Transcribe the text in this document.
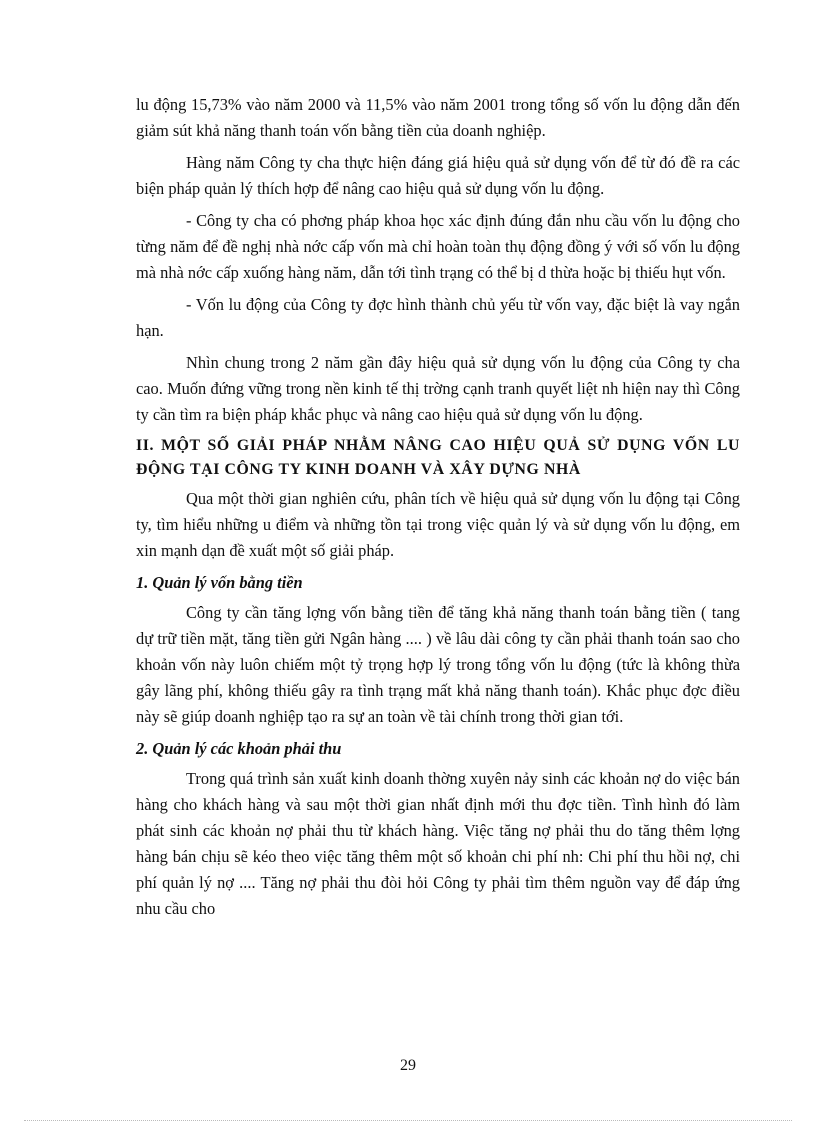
lu động 15,73% vào năm 2000 và 11,5% vào năm 2001 trong tổng số vốn lu động dẫn đến giảm sút khả năng thanh toán vốn bằng tiền của doanh nghiệp.

Hàng năm Công ty cha thực hiện đáng giá hiệu quả sử dụng vốn để từ đó đề ra các biện pháp quản lý thích hợp để nâng cao hiệu quả sử dụng vốn lu động.

- Công ty cha có phơng pháp khoa học xác định đúng đắn nhu cầu vốn lu động cho từng năm để đề nghị nhà nớc cấp vốn mà chỉ hoàn toàn thụ động đồng ý với số vốn lu động mà nhà nớc cấp xuống hàng năm, dẫn tới tình trạng có thể bị d thừa hoặc bị thiếu hụt vốn.

- Vốn lu động của Công ty đợc hình thành chủ yếu từ vốn vay, đặc biệt là vay ngắn hạn.

Nhìn chung trong 2 năm gần đây hiệu quả sử dụng vốn lu động của Công ty cha cao. Muốn đứng vững trong nền kinh tế thị trờng cạnh tranh quyết liệt nh hiện nay thì Công ty cần tìm ra biện pháp khắc phục và nâng cao hiệu quả sử dụng vốn lu động.

II. MỘT SỐ GIẢI PHÁP NHẰM NÂNG CAO HIỆU QUẢ SỬ DỤNG VỐN LU ĐỘNG TẠI CÔNG TY KINH DOANH VÀ XÂY DỰNG NHÀ

Qua một thời gian nghiên cứu, phân tích về hiệu quả sử dụng vốn lu động tại Công ty, tìm hiểu những u điểm và những tồn tại trong việc quản lý và sử dụng vốn lu động, em xin mạnh dạn đề xuất một số giải pháp.

1. Quản lý vốn bằng tiền

Công ty cần tăng lợng vốn bằng tiền để tăng khả năng thanh toán bằng tiền ( tang dự trữ tiền mặt, tăng tiền gửi Ngân hàng .... ) về lâu dài công ty cần phải thanh toán sao cho khoản vốn này luôn chiếm một tỷ trọng hợp lý trong tổng vốn lu động (tức là không thừa gây lãng phí, không thiếu gây ra tình trạng mất khả năng thanh toán). Khắc phục đợc điều này sẽ giúp doanh nghiệp tạo ra sự an toàn về tài chính trong thời gian tới.

2. Quản lý các khoản phải thu

Trong quá trình sản xuất kinh doanh thờng xuyên nảy sinh các khoản nợ do việc bán hàng cho khách hàng và sau một thời gian nhất định mới thu đợc tiền. Tình hình đó làm phát sinh các khoản nợ phải thu từ khách hàng. Việc tăng nợ phải thu do tăng thêm lợng hàng bán chịu sẽ kéo theo việc tăng thêm một số khoản chi phí nh: Chi phí thu hồi nợ, chi phí quản lý nợ .... Tăng nợ phải thu đòi hỏi Công ty phải tìm thêm nguồn vay để đáp ứng nhu cầu cho

29
